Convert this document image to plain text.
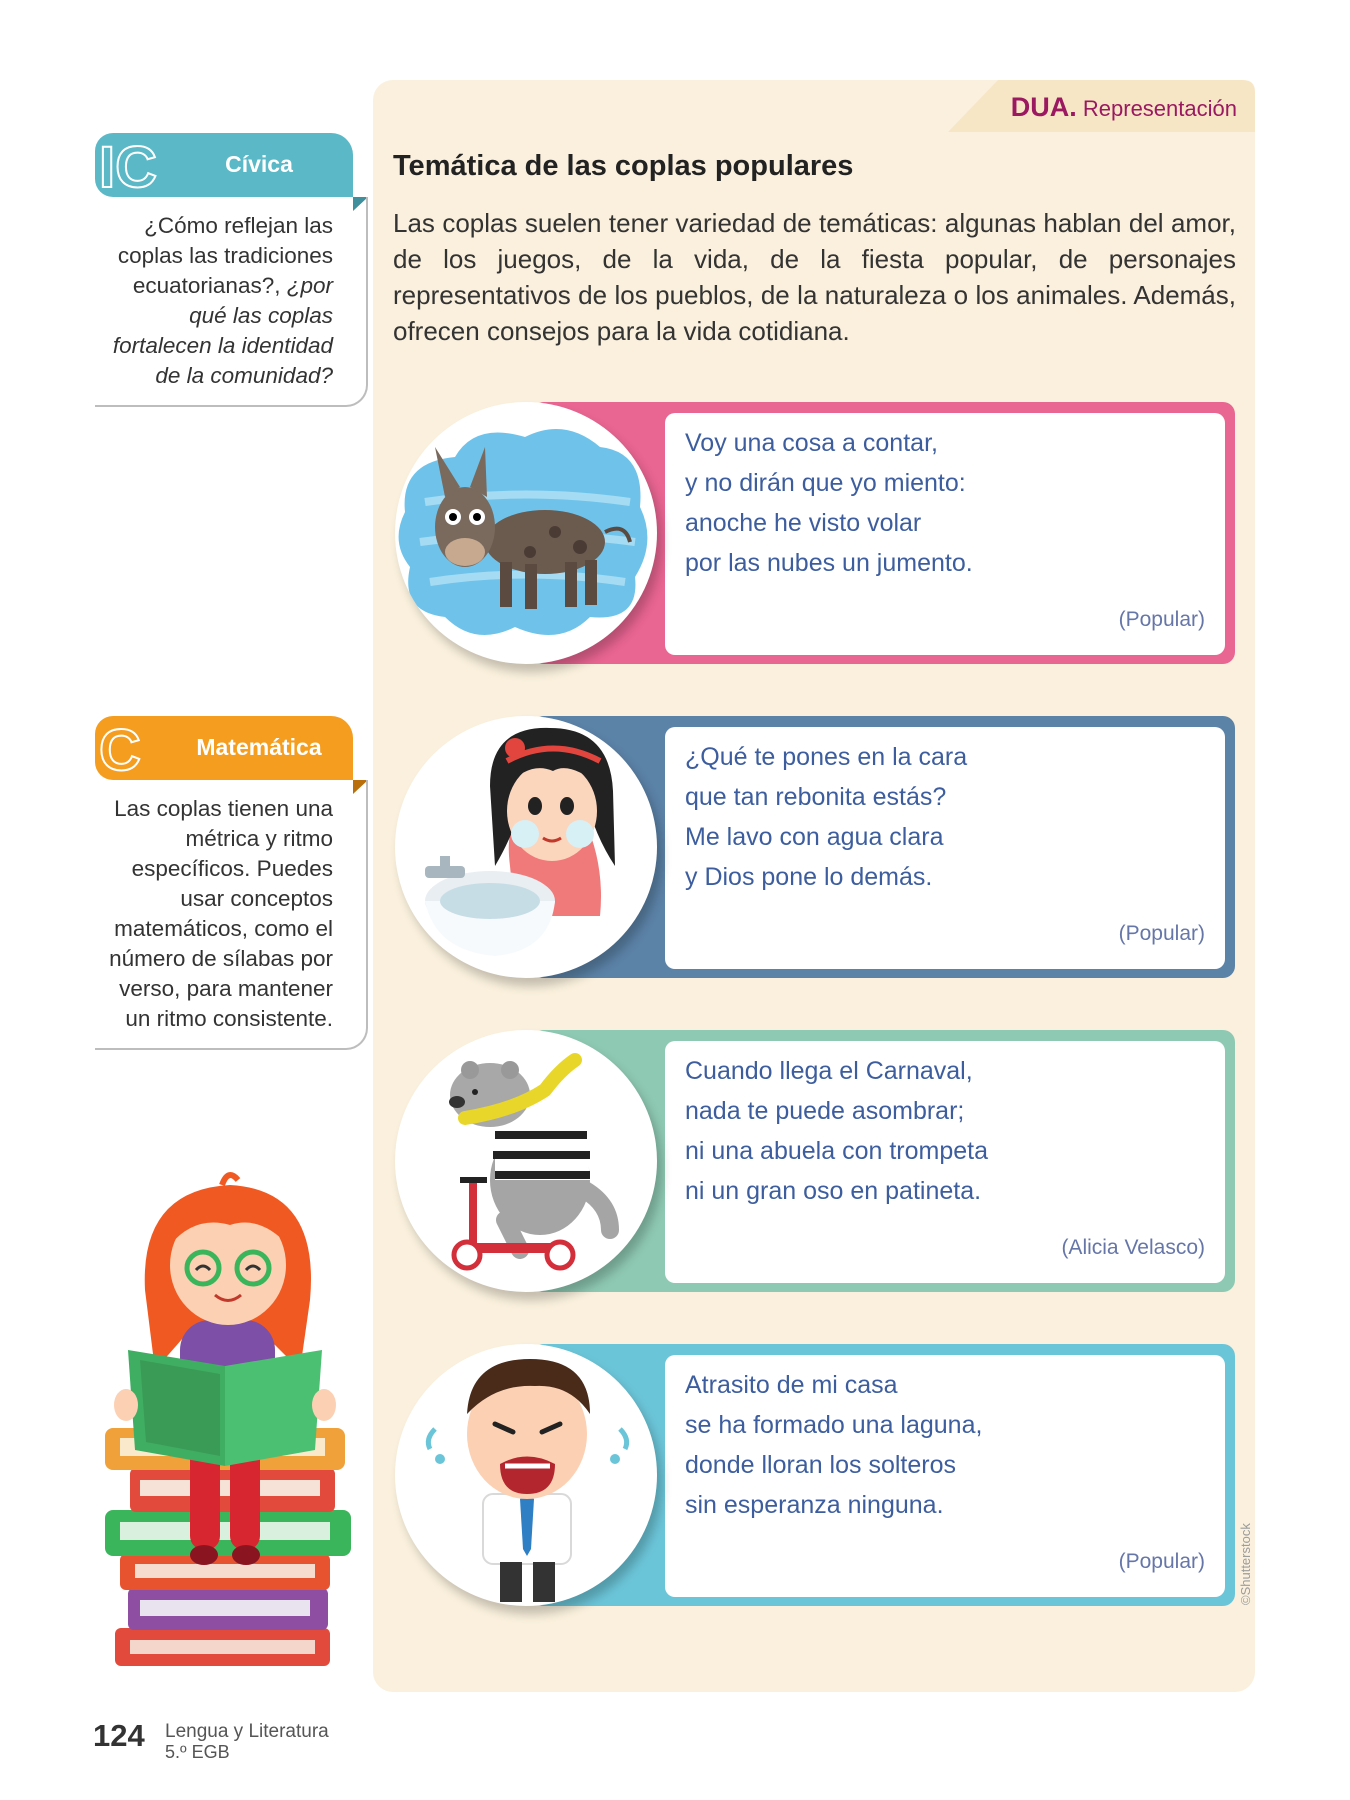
DUA. Representación
Temática de las coplas populares
Las coplas suelen tener variedad de temáticas: algunas hablan del amor, de los juegos, de la vida, de la fiesta popular, de personajes representativos de los pueblos, de la naturaleza o los animales. Además, ofrecen consejos para la vida cotidiana.
IC	Cívica
¿Cómo reflejan las coplas las tradiciones ecuatorianas?, ¿por qué las coplas fortalecen la identidad de la comunidad?
C	Matemática
Las coplas tienen una métrica y ritmo específicos. Puedes usar conceptos matemáticos, como el número de sílabas por verso, para mantener un ritmo consistente.
Voy una cosa a contar,
y no dirán que yo miento:
anoche he visto volar
por las nubes un jumento.
(Popular)
¿Qué te pones en la cara
que tan rebonita estás?
Me lavo con agua clara
y Dios pone lo demás.
(Popular)
Cuando llega el Carnaval,
nada te puede asombrar;
ni una abuela con trompeta
ni un gran oso en patineta.
(Alicia Velasco)
Atrasito de mi casa
se ha formado una laguna,
donde lloran los solteros
sin esperanza ninguna.
(Popular)	©Shutterstock
124 Lengua y Literatura
5.º EGB
